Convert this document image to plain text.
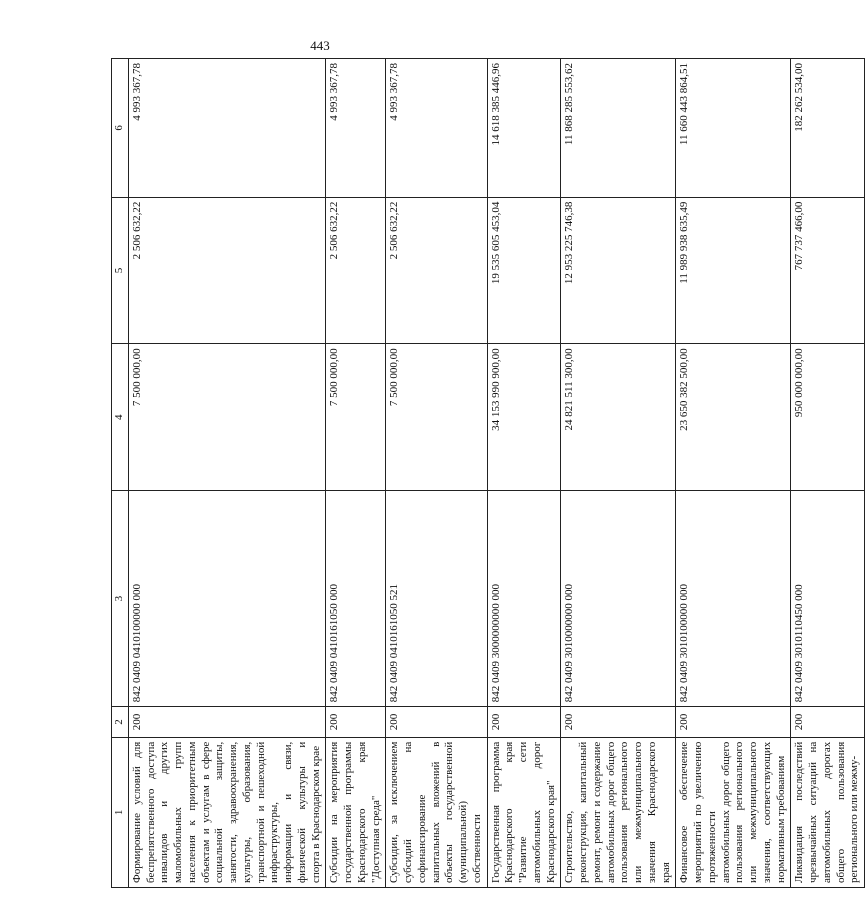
443
1	2	3	4	5	6
Формирование условий для беспрепятственного доступа инвалидов и других маломобильных групп населения к приоритетным объектам и услугам в сфере социальной защиты, занятости, здравоохранения, культуры, образования, транспортной и пешеходной инфраструктуры, информации и связи, физической культуры и спорта в Краснодарском крае	200	842 0409 0410100000 000	7 500 000,00	2 506 632,22	4 993 367,78
Субсидии на мероприятия государственной программы Краснодарского края "Доступная среда"	200	842 0409 0410161050 000	7 500 000,00	2 506 632,22	4 993 367,78
Субсидии, за исключением субсидий на софинансирование капитальных вложений в объекты государственной (муниципальной) собственности	200	842 0409 0410161050 521	7 500 000,00	2 506 632,22	4 993 367,78
Государственная программа Краснодарского края "Развитие сети автомобильных дорог Краснодарского края"	200	842 0409 3000000000 000	34 153 990 900,00	19 535 605 453,04	14 618 385 446,96
Строительство, реконструкция, капитальный ремонт, ремонт и содержание автомобильных дорог общего пользования регионального или межмуниципального значения Краснодарского края	200	842 0409 3010000000 000	24 821 511 300,00	12 953 225 746,38	11 868 285 553,62
Финансовое обеспечение мероприятий по увеличению протяженности автомобильных дорог общего пользования регионального или межмуниципального значения, соответствующих нормативным требованиям	200	842 0409 3010100000 000	23 650 382 500,00	11 989 938 635,49	11 660 443 864,51
Ликвидация последствий чрезвычайных ситуаций на автомобильных дорогах общего пользования регионального или межму-	200	842 0409 3010110450 000	950 000 000,00	767 737 466,00	182 262 534,00
